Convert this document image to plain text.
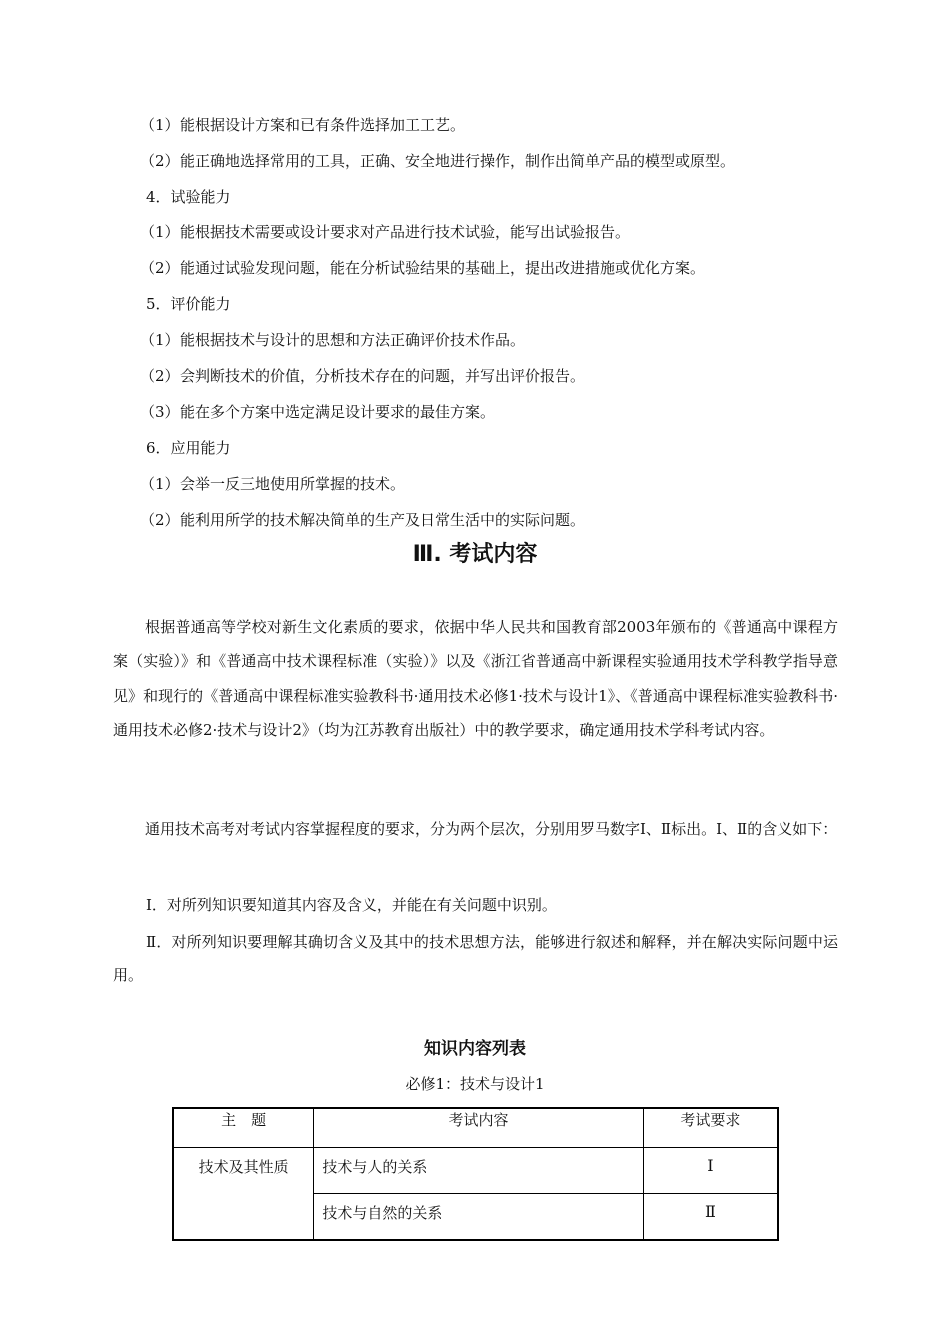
（1）能根据设计方案和已有条件选择加工工艺。
（2）能正确地选择常用的工具，正确、安全地进行操作，制作出简单产品的模型或原型。
4．试验能力
（1）能根据技术需要或设计要求对产品进行技术试验，能写出试验报告。
（2）能通过试验发现问题，能在分析试验结果的基础上，提出改进措施或优化方案。
5．评价能力
（1）能根据技术与设计的思想和方法正确评价技术作品。
（2）会判断技术的价值，分析技术存在的问题，并写出评价报告。
（3）能在多个方案中选定满足设计要求的最佳方案。
6．应用能力
（1）会举一反三地使用所掌握的技术。
（2）能利用所学的技术解决简单的生产及日常生活中的实际问题。
Ⅲ. 考试内容
根据普通高等学校对新生文化素质的要求，依据中华人民共和国教育部2003年颁布的《普通高中课程方案（实验）》和《普通高中技术课程标准（实验）》以及《浙江省普通高中新课程实验通用技术学科教学指导意见》和现行的《普通高中课程标准实验教科书·通用技术必修1·技术与设计1》、《普通高中课程标准实验教科书·通用技术必修2·技术与设计2》（均为江苏教育出版社）中的教学要求，确定通用技术学科考试内容。
通用技术高考对考试内容掌握程度的要求，分为两个层次，分别用罗马数字Ⅰ、Ⅱ标出。Ⅰ、Ⅱ的含义如下：
Ⅰ．对所列知识要知道其内容及含义，并能在有关问题中识别。
Ⅱ．对所列知识要理解其确切含义及其中的技术思想方法，能够进行叙述和解释，并在解决实际问题中运用。
知识内容列表
必修1：技术与设计1
主　题	考试内容	考试要求
技术及其性质	技术与人的关系	Ⅰ
	技术与自然的关系	Ⅱ
